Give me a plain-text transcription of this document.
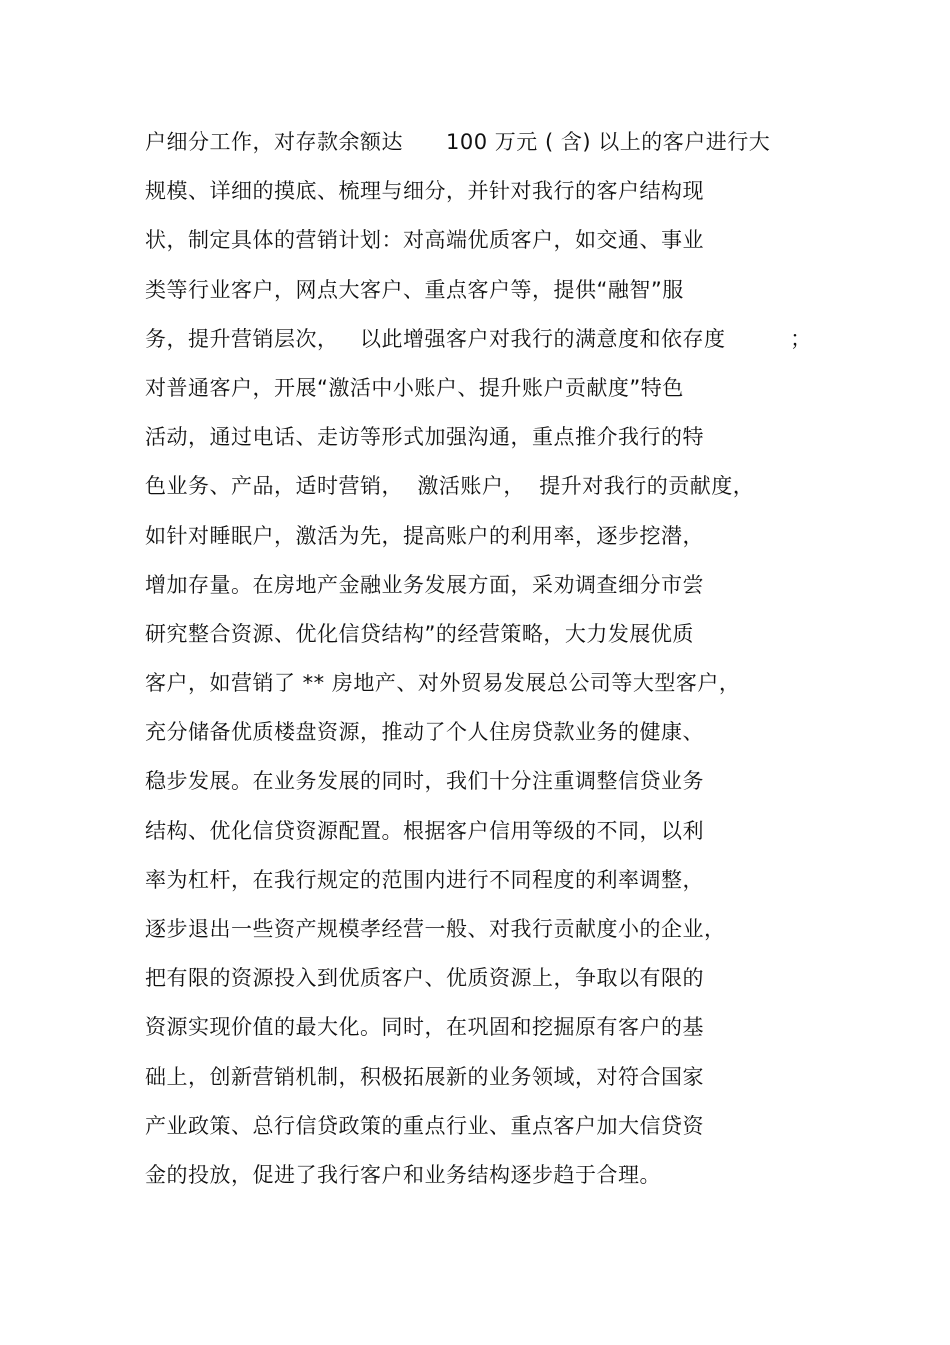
户细分工作，对存款余额达      100 万元 ( 含) 以上的客户进行大
规模、详细的摸底、梳理与细分，并针对我行的客户结构现
状，制定具体的营销计划：对高端优质客户，如交通、事业
类等行业客户，网点大客户、重点客户等，提供“融智”服
务，提升营销层次，   以此增强客户对我行的满意度和依存度         ；
对普通客户，开展“激活中小账户、提升账户贡献度”特色
活动，通过电话、走访等形式加强沟通，重点推介我行的特
色业务、产品，适时营销，  激活账户，  提升对我行的贡献度，
如针对睡眠户，激活为先，提高账户的利用率，逐步挖潜，
增加存量。在房地产金融业务发展方面，采劝调查细分市尝
研究整合资源、优化信贷结构”的经营策略，大力发展优质
客户，如营销了 ** 房地产、对外贸易发展总公司等大型客户，
充分储备优质楼盘资源，推动了个人住房贷款业务的健康、
稳步发展。在业务发展的同时，我们十分注重调整信贷业务
结构、优化信贷资源配置。根据客户信用等级的不同，以利
率为杠杆，在我行规定的范围内进行不同程度的利率调整，
逐步退出一些资产规模孝经营一般、对我行贡献度小的企业，
把有限的资源投入到优质客户、优质资源上，争取以有限的
资源实现价值的最大化。同时，在巩固和挖掘原有客户的基
础上，创新营销机制，积极拓展新的业务领域，对符合国家
产业政策、总行信贷政策的重点行业、重点客户加大信贷资
金的投放，促进了我行客户和业务结构逐步趋于合理。
